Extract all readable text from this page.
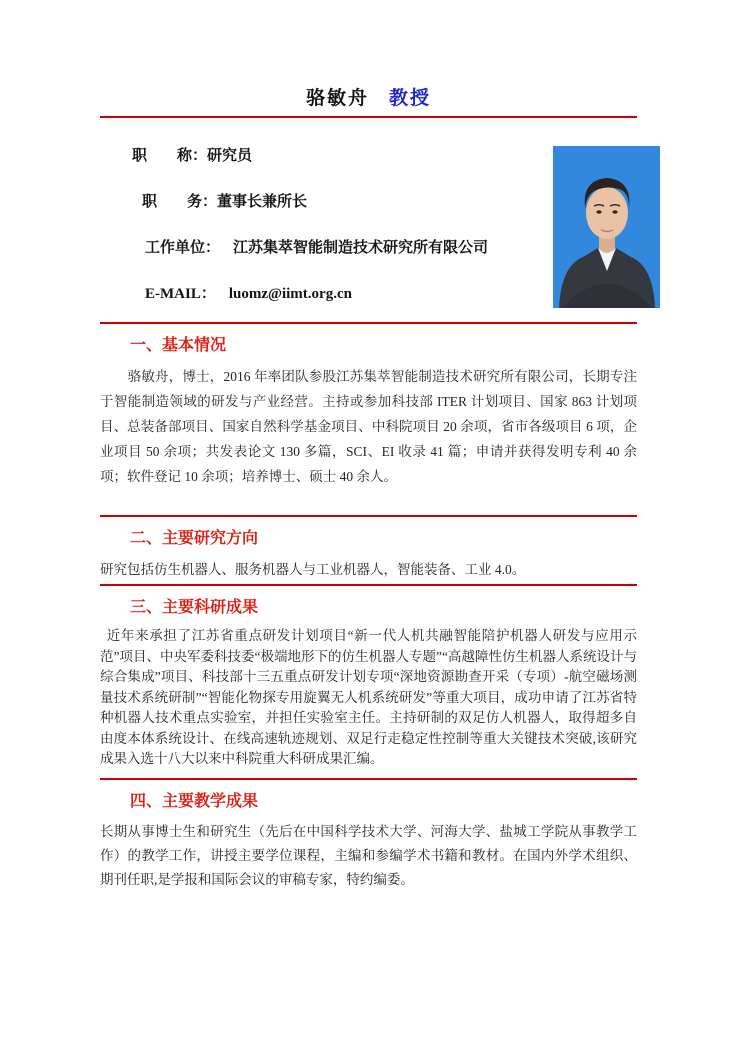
骆敏舟 教授
职　　称：研究员
职　　务：董事长兼所长
工作单位： 江苏集萃智能制造技术研究所有限公司
E-MAIL： luomz@iimt.org.cn
一、基本情况

骆敏舟，博士，2016 年率团队参股江苏集萃智能制造技术研究所有限公司，长期专注于智能制造领域的研发与产业经营。主持或参加科技部 ITER 计划项目、国家 863 计划项目、总装备部项目、国家自然科学基金项目、中科院项目 20 余项，省市各级项目 6 项，企业项目 50 余项；共发表论文 130 多篇，SCI、EI 收录 41 篇；申请并获得发明专利 40 余项；软件登记 10 余项；培养博士、硕士 40 余人。

二、主要研究方向

研究包括仿生机器人、服务机器人与工业机器人，智能装备、工业 4.0。

三、主要科研成果

近年来承担了江苏省重点研发计划项目“新一代人机共融智能陪护机器人研发与应用示范”项目、中央军委科技委“极端地形下的仿生机器人专题”“高越障性仿生机器人系统设计与综合集成”项目、科技部十三五重点研发计划专项“深地资源勘查开采（专项）-航空磁场测量技术系统研制”“智能化物探专用旋翼无人机系统研发”等重大项目，成功申请了江苏省特种机器人技术重点实验室，并担任实验室主任。主持研制的双足仿人机器人，取得超多自由度本体系统设计、在线高速轨迹规划、双足行走稳定性控制等重大关键技术突破,该研究成果入选十八大以来中科院重大科研成果汇编。

四、主要教学成果

长期从事博士生和研究生（先后在中国科学技术大学、河海大学、盐城工学院从事教学工作）的教学工作，讲授主要学位课程，主编和参编学术书籍和教材。在国内外学术组织、期刊任职,是学报和国际会议的审稿专家，特约编委。
